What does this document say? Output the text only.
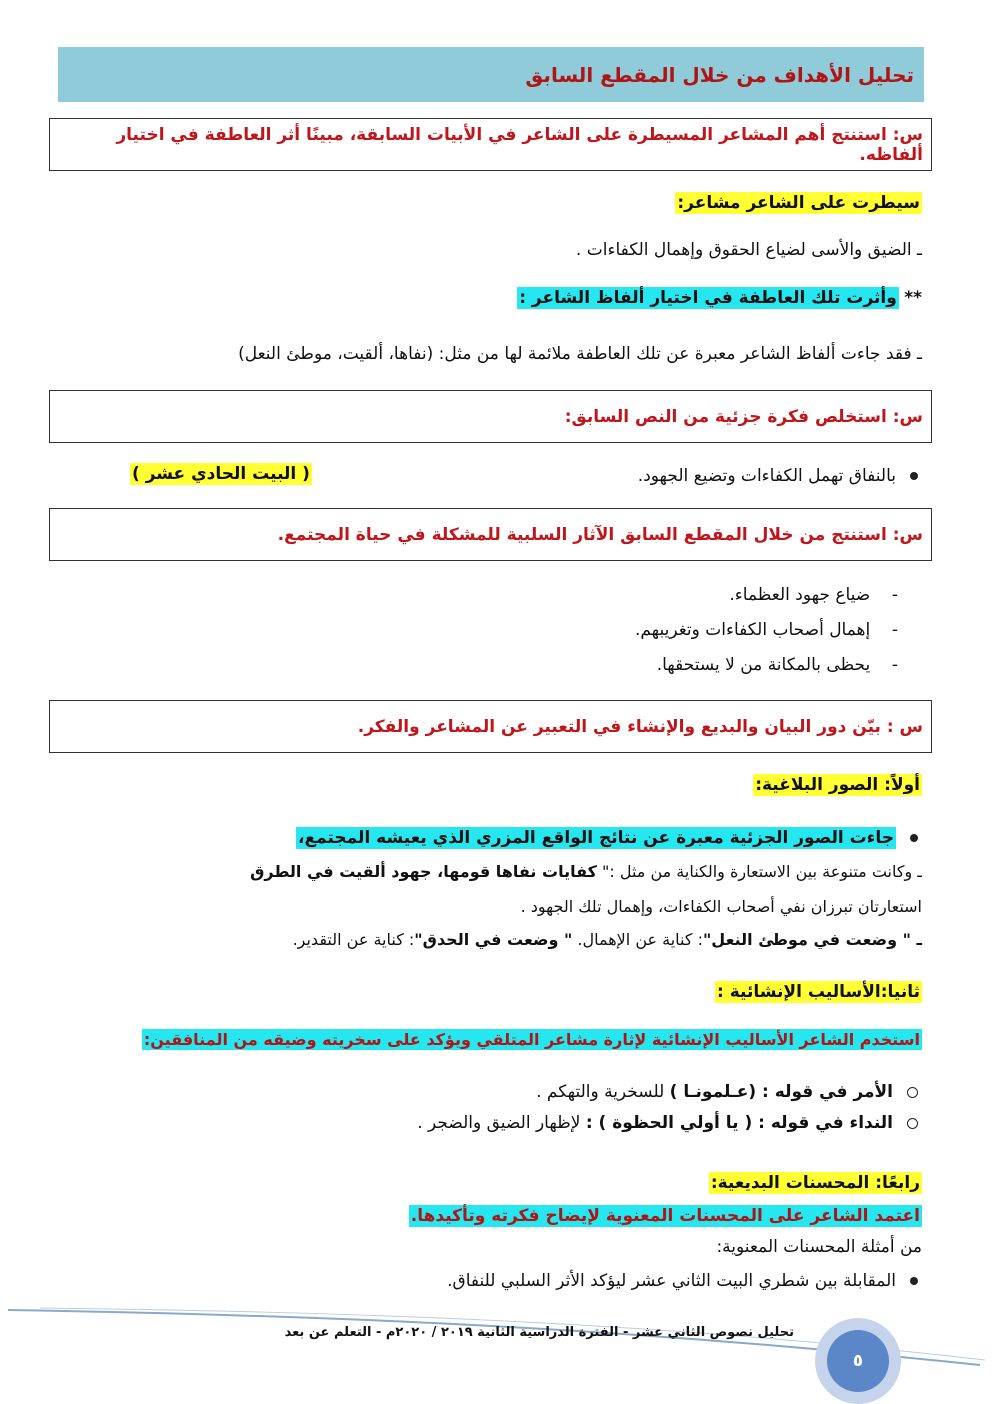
تحليل الأهداف من خلال المقطع السابق
س: استنتج أهم المشاعر المسيطرة على الشاعر في الأبيات السابقة، مبينًا أثر العاطفة في اختيار ألفاظه.
سيطرت على الشاعر مشاعر:
ـ الضيق والأسى لضياع الحقوق وإهمال الكفاءات .
** وأثرت تلك العاطفة في اختيار ألفاظ الشاعر :
ـ فقد جاءت ألفاظ الشاعر معبرة عن تلك العاطفة ملائمة لها من مثل: (نفاها، ألقيت، موطئ النعل)
س: استخلص فكرة جزئية من النص السابق:
بالنفاق تهمل الكفاءات وتضيع الجهود.
( البيت الحادي عشر )
س: استنتج من خلال المقطع السابق الآثار السلبية للمشكلة في حياة المجتمع.
-    ضياع جهود العظماء.
-    إهمال أصحاب الكفاءات وتغريبهم.
-    يحظى بالمكانة من لا يستحقها.
س : بيّن دور البيان والبديع والإنشاء في التعبير عن المشاعر والفكر.
أولاً: الصور البلاغية:
جاءت الصور الجزئية معبرة عن نتائج الواقع المزري الذي يعيشه المجتمع،
ـ وكانت متنوعة بين الاستعارة والكناية من مثل :" كفايات نفاها قومها، جهود ألقيت في الطرق
استعارتان تبرزان نفي أصحاب الكفاءات، وإهمال تلك الجهود .
ـ " وضعت في موطئ النعل": كناية عن الإهمال. " وضعت في الحدق": كناية عن التقدير.
ثانيا:الأساليب الإنشائية :
استخدم الشاعر الأساليب الإنشائية لإثارة مشاعر المتلقي ويؤكد على سخريته وضيقه من المنافقين:
الأمر في قوله : (عـلمونـا ) للسخرية والتهكم .
النداء في قوله : ( يا أولي الحظوة ) : لإظهار الضيق والضجر .
رابعًا: المحسنات البديعية:
اعتمد الشاعر على المحسنات المعنوية لإيضاح فكرته وتأكيدها.
من أمثلة المحسنات المعنوية:
المقابلة بين شطري البيت الثاني عشر ليؤكد الأثر السلبي للنفاق.
٥
تحليل نصوص الثاني عشر - الفترة الدراسية الثانية ٢٠١٩ / ٢٠٢٠م - التعلم عن بعد
